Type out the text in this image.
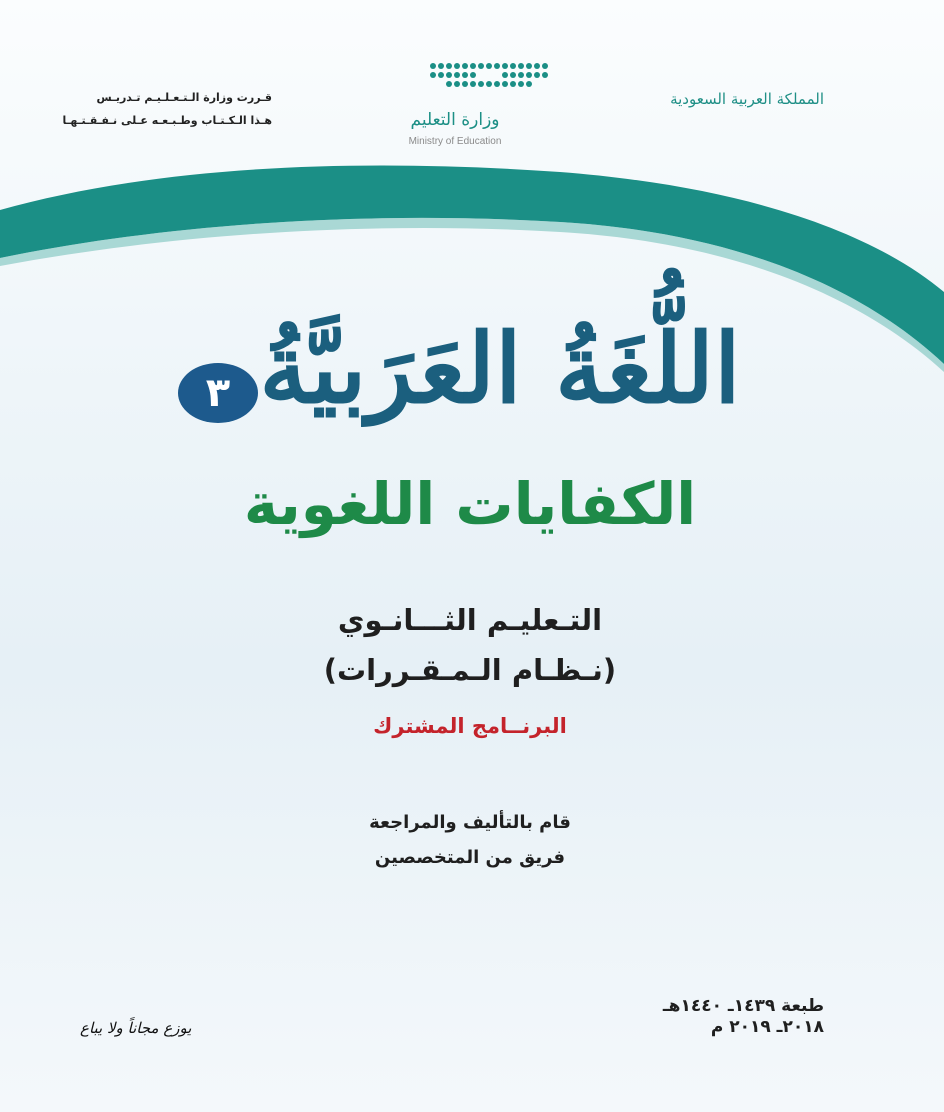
المملكة العربية السعودية
وزارة التعليم
Ministry of Education
قـررت وزارة الـتـعـلـيـم تـدريـس
هـذا الـكـتـاب وطـبـعـه عـلى نـفـقـتـهـا
اللُّغَةُ العَرَبيَّةُ
٣
الكفايات اللغوية
التـعليـم الثـــانـوي
(نـظـام الـمـقـررات)
البرنــامج المشترك
قام بالتأليف والمراجعة
فريق من المتخصصين
طبعة ١٤٣٩ـ ١٤٤٠هـ
٢٠١٨ـ ٢٠١٩ م
يوزع مجاناً ولا يباع
